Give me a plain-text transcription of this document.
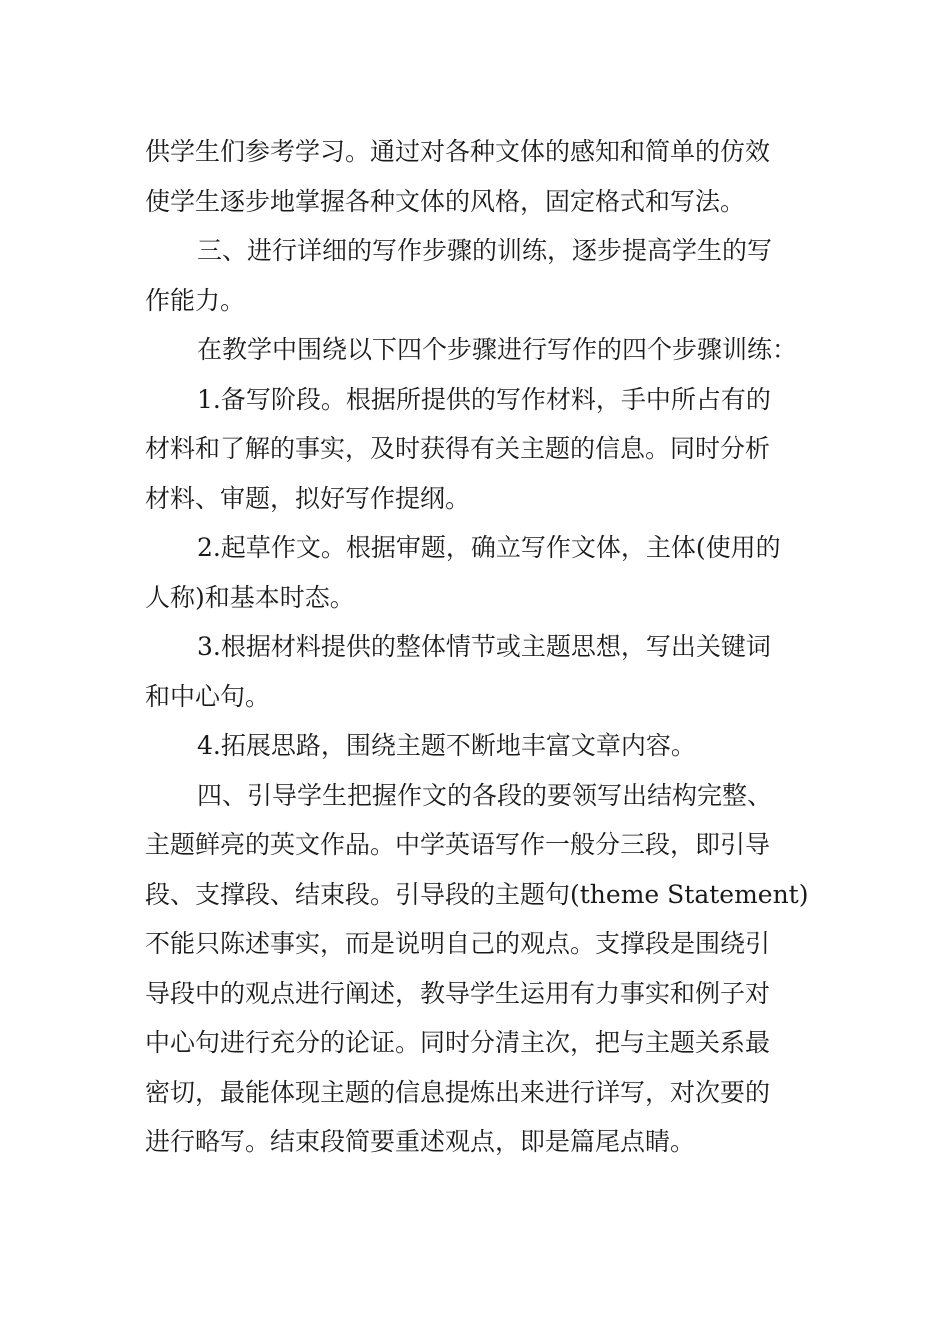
供学生们参考学习。通过对各种文体的感知和简单的仿效
使学生逐步地掌握各种文体的风格，固定格式和写法。
三、进行详细的写作步骤的训练，逐步提高学生的写
作能力。
在教学中围绕以下四个步骤进行写作的四个步骤训练：
1.备写阶段。根据所提供的写作材料，手中所占有的
材料和了解的事实，及时获得有关主题的信息。同时分析
材料、审题，拟好写作提纲。
2.起草作文。根据审题，确立写作文体，主体(使用的
人称)和基本时态。
3.根据材料提供的整体情节或主题思想，写出关键词
和中心句。
4.拓展思路，围绕主题不断地丰富文章内容。
四、引导学生把握作文的各段的要领写出结构完整、
主题鲜亮的英文作品。中学英语写作一般分三段，即引导
段、支撑段、结束段。引导段的主题句(theme Statement)
不能只陈述事实，而是说明自己的观点。支撑段是围绕引
导段中的观点进行阐述，教导学生运用有力事实和例子对
中心句进行充分的论证。同时分清主次，把与主题关系最
密切，最能体现主题的信息提炼出来进行详写，对次要的
进行略写。结束段简要重述观点，即是篇尾点睛。
